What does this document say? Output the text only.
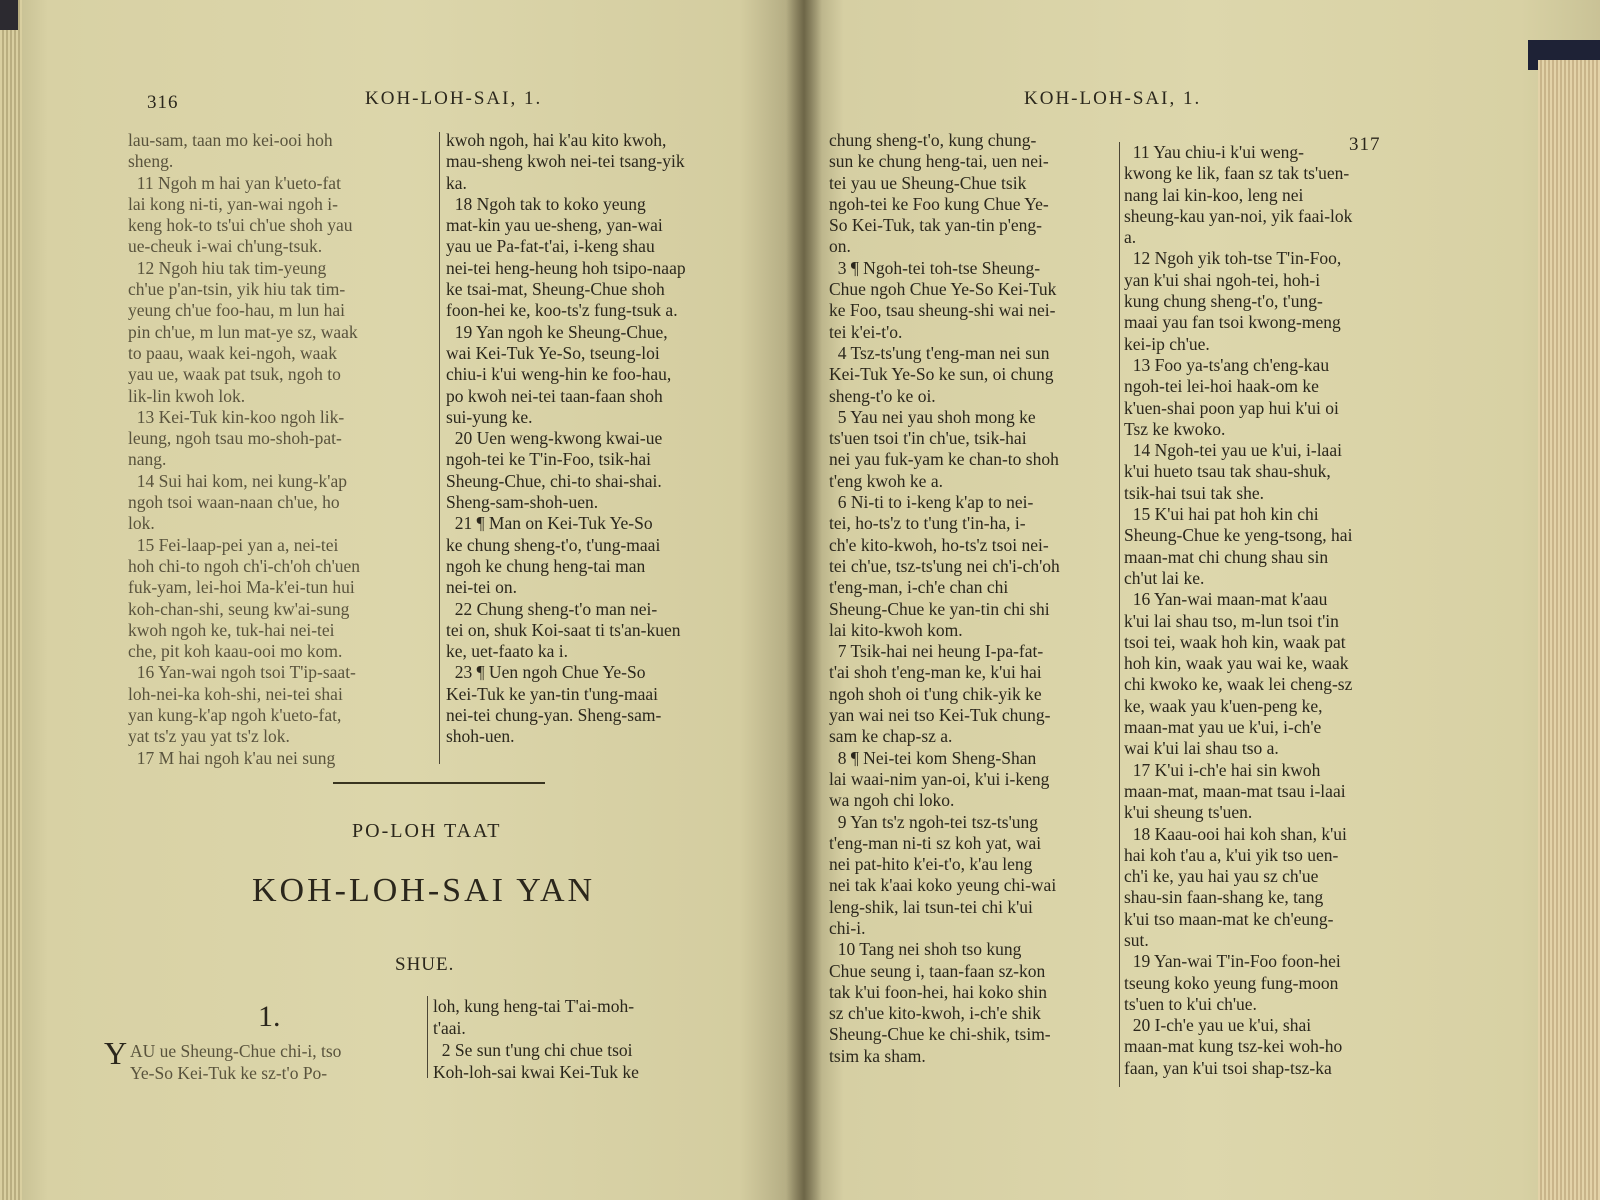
316	KOH-LOH-SAI, 1.
lau-sam, taan mo kei-ooi hoh
sheng.
11 Ngoh m hai yan k'ueto-fat
lai kong ni-ti, yan-wai ngoh i-
keng hok-to ts'ui ch'ue shoh yau
ue-cheuk i-wai ch'ung-tsuk.
12 Ngoh hiu tak tim-yeung
ch'ue p'an-tsin, yik hiu tak tim-
yeung ch'ue foo-hau, m lun hai
pin ch'ue, m lun mat-ye sz, waak
to paau, waak kei-ngoh, waak
yau ue, waak pat tsuk, ngoh to
lik-lin kwoh lok.
13 Kei-Tuk kin-koo ngoh lik-
leung, ngoh tsau mo-shoh-pat-
nang.
14 Sui hai kom, nei kung-k'ap
ngoh tsoi waan-naan ch'ue, ho
lok.
15 Fei-laap-pei yan a, nei-tei
hoh chi-to ngoh ch'i-ch'oh ch'uen
fuk-yam, lei-hoi Ma-k'ei-tun hui
koh-chan-shi, seung kw'ai-sung
kwoh ngoh ke, tuk-hai nei-tei
che, pit koh kaau-ooi mo kom.
16 Yan-wai ngoh tsoi T'ip-saat-
loh-nei-ka koh-shi, nei-tei shai
yan kung-k'ap ngoh k'ueto-fat,
yat ts'z yau yat ts'z lok.
17 M hai ngoh k'au nei sung
kwoh ngoh, hai k'au kito kwoh,
mau-sheng kwoh nei-tei tsang-yik
ka.
18 Ngoh tak to koko yeung
mat-kin yau ue-sheng, yan-wai
yau ue Pa-fat-t'ai, i-keng shau
nei-tei heng-heung hoh tsipo-naap
ke tsai-mat, Sheung-Chue shoh
foon-hei ke, koo-ts'z fung-tsuk a.
19 Yan ngoh ke Sheung-Chue,
wai Kei-Tuk Ye-So, tseung-loi
chiu-i k'ui weng-hin ke foo-hau,
po kwoh nei-tei taan-faan shoh
sui-yung ke.
20 Uen weng-kwong kwai-ue
ngoh-tei ke T'in-Foo, tsik-hai
Sheung-Chue, chi-to shai-shai.
Sheng-sam-shoh-uen.
21 ¶ Man on Kei-Tuk Ye-So
ke chung sheng-t'o, t'ung-maai
ngoh ke chung heng-tai man
nei-tei on.
22 Chung sheng-t'o man nei-
tei on, shuk Koi-saat ti ts'an-kuen
ke, uet-faato ka i.
23 ¶ Uen ngoh Chue Ye-So
Kei-Tuk ke yan-tin t'ung-maai
nei-tei chung-yan. Sheng-sam-
shoh-uen.
PO-LOH TAAT
KOH-LOH-SAI YAN
SHUE.
1.
Y AU ue Sheung-Chue chi-i, tso
Ye-So Kei-Tuk ke sz-t'o Po-
loh, kung heng-tai T'ai-moh-
t'aai.
2 Se sun t'ung chi chue tsoi
Koh-loh-sai kwai Kei-Tuk ke
KOH-LOH-SAI, 1.
317
chung sheng-t'o, kung chung-
sun ke chung heng-tai, uen nei-
tei yau ue Sheung-Chue tsik
ngoh-tei ke Foo kung Chue Ye-
So Kei-Tuk, tak yan-tin p'eng-
on.
3 ¶ Ngoh-tei toh-tse Sheung-
Chue ngoh Chue Ye-So Kei-Tuk
ke Foo, tsau sheung-shi wai nei-
tei k'ei-t'o.
4 Tsz-ts'ung t'eng-man nei sun
Kei-Tuk Ye-So ke sun, oi chung
sheng-t'o ke oi.
5 Yau nei yau shoh mong ke
ts'uen tsoi t'in ch'ue, tsik-hai
nei yau fuk-yam ke chan-to shoh
t'eng kwoh ke a.
6 Ni-ti to i-keng k'ap to nei-
tei, ho-ts'z to t'ung t'in-ha, i-
ch'e kito-kwoh, ho-ts'z tsoi nei-
tei ch'ue, tsz-ts'ung nei ch'i-ch'oh
t'eng-man, i-ch'e chan chi
Sheung-Chue ke yan-tin chi shi
lai kito-kwoh kom.
7 Tsik-hai nei heung I-pa-fat-
t'ai shoh t'eng-man ke, k'ui hai
ngoh shoh oi t'ung chik-yik ke
yan wai nei tso Kei-Tuk chung-
sam ke chap-sz a.
8 ¶ Nei-tei kom Sheng-Shan
lai waai-nim yan-oi, k'ui i-keng
wa ngoh chi loko.
9 Yan ts'z ngoh-tei tsz-ts'ung
t'eng-man ni-ti sz koh yat, wai
nei pat-hito k'ei-t'o, k'au leng
nei tak k'aai koko yeung chi-wai
leng-shik, lai tsun-tei chi k'ui
chi-i.
10 Tang nei shoh tso kung
Chue seung i, taan-faan sz-kon
tak k'ui foon-hei, hai koko shin
sz ch'ue kito-kwoh, i-ch'e shik
Sheung-Chue ke chi-shik, tsim-
tsim ka sham.
11 Yau chiu-i k'ui weng-
kwong ke lik, faan sz tak ts'uen-
nang lai kin-koo, leng nei
sheung-kau yan-noi, yik faai-lok
a.
12 Ngoh yik toh-tse T'in-Foo,
yan k'ui shai ngoh-tei, hoh-i
kung chung sheng-t'o, t'ung-
maai yau fan tsoi kwong-meng
kei-ip ch'ue.
13 Foo ya-ts'ang ch'eng-kau
ngoh-tei lei-hoi haak-om ke
k'uen-shai poon yap hui k'ui oi
Tsz ke kwoko.
14 Ngoh-tei yau ue k'ui, i-laai
k'ui hueto tsau tak shau-shuk,
tsik-hai tsui tak she.
15 K'ui hai pat hoh kin chi
Sheung-Chue ke yeng-tsong, hai
maan-mat chi chung shau sin
ch'ut lai ke.
16 Yan-wai maan-mat k'aau
k'ui lai shau tso, m-lun tsoi t'in
tsoi tei, waak hoh kin, waak pat
hoh kin, waak yau wai ke, waak
chi kwoko ke, waak lei cheng-sz
ke, waak yau k'uen-peng ke,
maan-mat yau ue k'ui, i-ch'e
wai k'ui lai shau tso a.
17 K'ui i-ch'e hai sin kwoh
maan-mat, maan-mat tsau i-laai
k'ui sheung ts'uen.
18 Kaau-ooi hai koh shan, k'ui
hai koh t'au a, k'ui yik tso uen-
ch'i ke, yau hai yau sz ch'ue
shau-sin faan-shang ke, tang
k'ui tso maan-mat ke ch'eung-
sut.
19 Yan-wai T'in-Foo foon-hei
tseung koko yeung fung-moon
ts'uen to k'ui ch'ue.
20 I-ch'e yau ue k'ui, shai
maan-mat kung tsz-kei woh-ho
faan, yan k'ui tsoi shap-tsz-ka
